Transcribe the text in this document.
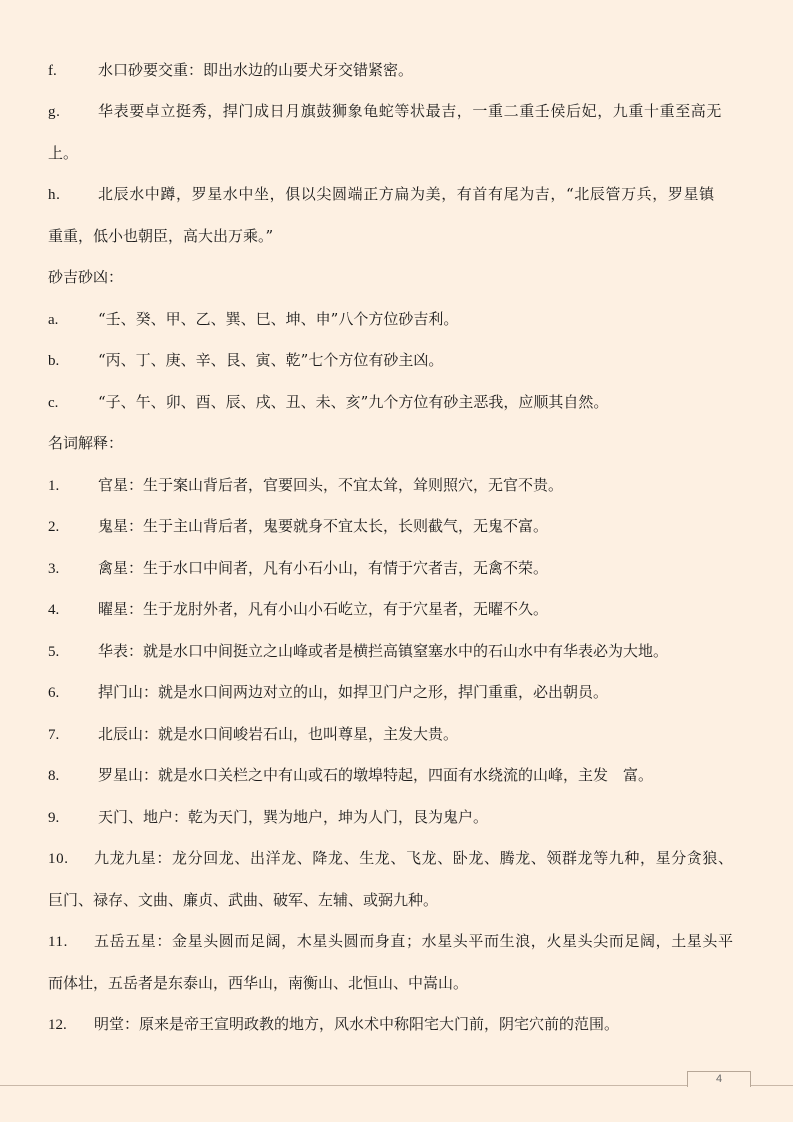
f.	水口砂要交重：即出水边的山要犬牙交错紧密。
g.	华表要卓立挺秀，捍门成日月旗鼓狮象龟蛇等状最吉，一重二重壬侯后妃，九重十重至高无
上。
h.	北辰水中蹲，罗星水中坐，俱以尖圆端正方扁为美，有首有尾为吉，“北辰管万兵，罗星镇
重重，低小也朝臣，高大出万乘。”
砂吉砂凶：
a.	“壬、癸、甲、乙、巽、巳、坤、申”八个方位砂吉利。
b.	“丙、丁、庚、辛、艮、寅、乾”七个方位有砂主凶。
c.	“子、午、卯、酉、辰、戌、丑、未、亥”九个方位有砂主恶我，应顺其自然。
名词解释：
1.	官星：生于案山背后者，官要回头，不宜太耸，耸则照穴，无官不贵。
2.	鬼星：生于主山背后者，鬼要就身不宜太长，长则截气，无鬼不富。
3.	禽星：生于水口中间者，凡有小石小山，有情于穴者吉，无禽不荣。
4.	曜星：生于龙肘外者，凡有小山小石屹立，有于穴星者，无曜不久。
5.	华表：就是水口中间挺立之山峰或者是横拦高镇窒塞水中的石山水中有华表必为大地。
6.	捍门山：就是水口间两边对立的山，如捍卫门户之形，捍门重重，必出朝员。
7.	北辰山：就是水口间峻岩石山，也叫尊星，主发大贵。
8.	罗星山：就是水口关栏之中有山或石的墩埠特起，四面有水绕流的山峰，主发　富。
9.	天门、地户：乾为天门，巽为地户，坤为人门，艮为鬼户。
10. 九龙九星：龙分回龙、出洋龙、降龙、生龙、飞龙、卧龙、腾龙、领群龙等九种，星分贪狼、
巨门、禄存、文曲、廉贞、武曲、破军、左辅、或弼九种。
11. 五岳五星：金星头圆而足阔，木星头圆而身直；水星头平而生浪，火星头尖而足阔，土星头平
而体壮，五岳者是东泰山，西华山，南衡山、北恒山、中嵩山。
12. 明堂：原来是帝王宣明政教的地方，风水术中称阳宅大门前，阴宅穴前的范围。
4
